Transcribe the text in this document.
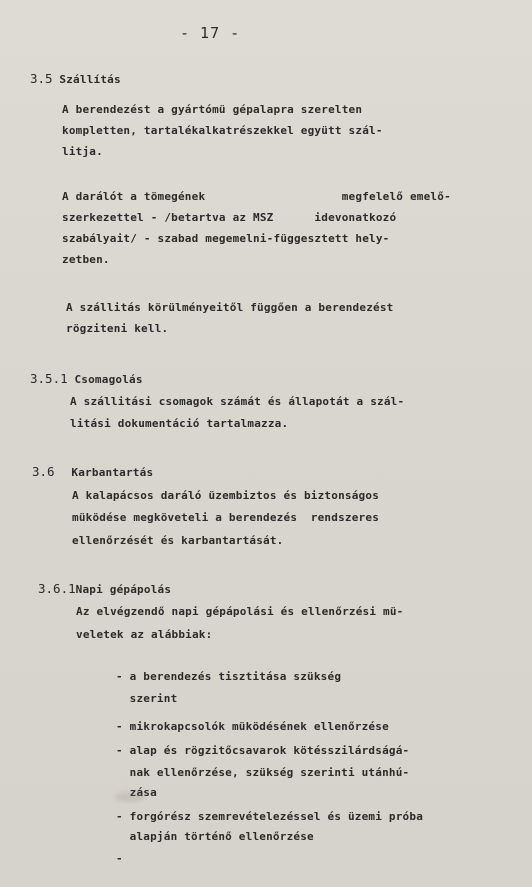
- 17 -
3.5 Szállítás
A berendezést a gyártómü gépalapra szerelten
kompletten, tartalékalkatrészekkel együtt szál-
litja.
A darálót a tömegének                    megfelelő emelő-
szerkezettel - /betartva az MSZ      idevonatkozó
szabályait/ - szabad megemelni-függesztett hely-
zetben.
A szállitás körülményeitől függően a berendezést
rögziteni kell.
3.5.1 Csomagolás
A szállitási csomagok számát és állapotát a szál-
litási dokumentáció tartalmazza.
3.6 Karbantartás
A kalapácsos daráló üzembiztos és biztonságos
müködése megköveteli a berendezés  rendszeres
ellenőrzését és karbantartását.
3.6.1Napi gépápolás
Az elvégzendő napi gépápolási és ellenőrzési mü-
veletek az alábbiak:
- a berendezés tisztitása szükség
szerint
- mikrokapcsolók müködésének ellenőrzése
- alap és rögzitőcsavarok kötésszilárdságá-
nak ellenőrzése, szükség szerinti utánhú-
zása
- forgórész szemrevételezéssel és üzemi próba
alapján történő ellenőrzése
-
